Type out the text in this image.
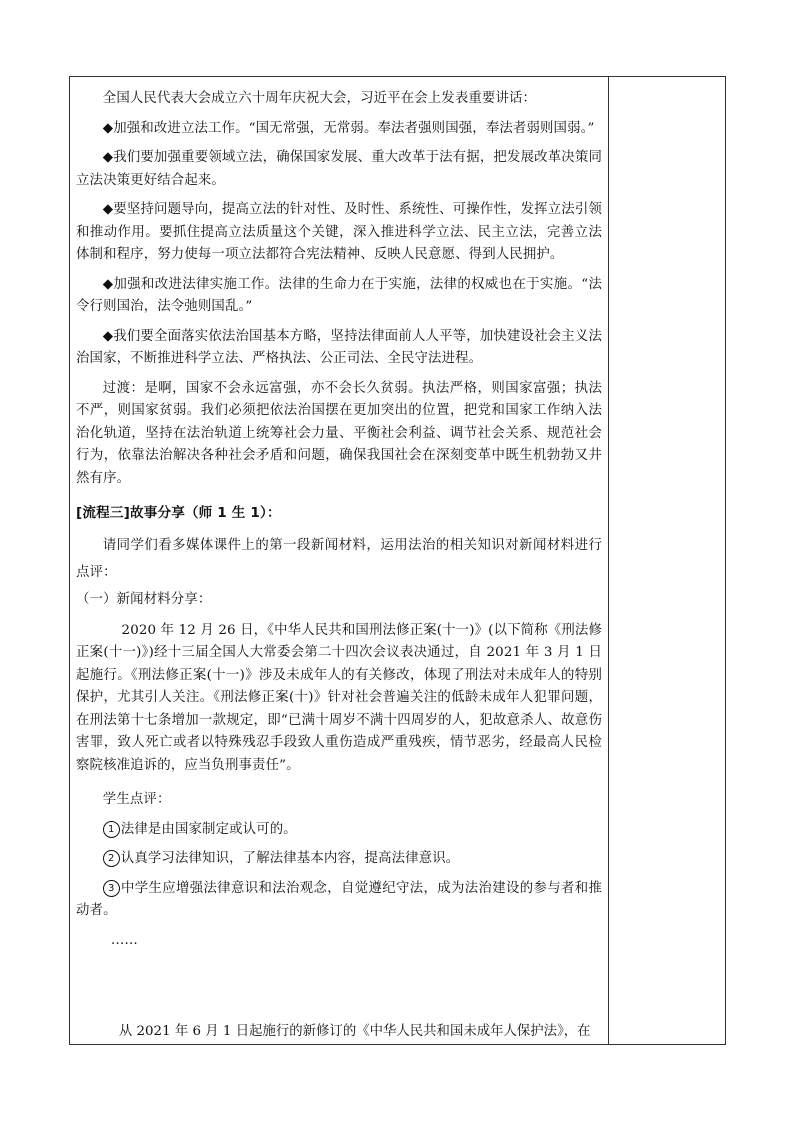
全国人民代表大会成立六十周年庆祝大会，习近平在会上发表重要讲话：

◆加强和改进立法工作。“国无常强，无常弱。奉法者强则国强，奉法者弱则国弱。”

◆我们要加强重要领域立法，确保国家发展、重大改革于法有据，把发展改革决策同立法决策更好结合起来。

◆要坚持问题导向，提高立法的针对性、及时性、系统性、可操作性，发挥立法引领和推动作用。要抓住提高立法质量这个关键，深入推进科学立法、民主立法，完善立法体制和程序，努力使每一项立法都符合宪法精神、反映人民意愿、得到人民拥护。

◆加强和改进法律实施工作。法律的生命力在于实施，法律的权威也在于实施。“法令行则国治，法令弛则国乱。”

◆我们要全面落实依法治国基本方略，坚持法律面前人人平等，加快建设社会主义法治国家，不断推进科学立法、严格执法、公正司法、全民守法进程。

过渡：是啊，国家不会永远富强，亦不会长久贫弱。执法严格，则国家富强；执法不严，则国家贫弱。我们必须把依法治国摆在更加突出的位置，把党和国家工作纳入法治化轨道，坚持在法治轨道上统筹社会力量、平衡社会利益、调节社会关系、规范社会行为，依靠法治解决各种社会矛盾和问题，确保我国社会在深刻变革中既生机勃勃又井然有序。

[流程三]故事分享（师 1 生 1）：

请同学们看多媒体课件上的第一段新闻材料，运用法治的相关知识对新闻材料进行点评：

（一）新闻材料分享：

2020 年 12 月 26 日，《中华人民共和国刑法修正案(十一)》(以下简称《刑法修正案(十一)》)经十三届全国人大常委会第二十四次会议表决通过，自 2021 年 3 月 1 日起施行。《刑法修正案(十一)》涉及未成年人的有关修改，体现了刑法对未成年人的特别保护，尤其引人关注。《刑法修正案(十)》针对社会普遍关注的低龄未成年人犯罪问题，在刑法第十七条增加一款规定，即“已满十周岁不满十四周岁的人，犯故意杀人、故意伤害罪，致人死亡或者以特殊残忍手段致人重伤造成严重残疾，情节恶劣，经最高人民检察院核准追诉的，应当负刑事责任”。

学生点评：

1 法律是由国家制定或认可的。

2 认真学习法律知识，了解法律基本内容，提高法律意识。

3 中学生应增强法律意识和法治观念，自觉遵纪守法，成为法治建设的参与者和推动者。

……

从 2021 年 6 月 1 日起施行的新修订的《中华人民共和国未成年人保护法》，在
